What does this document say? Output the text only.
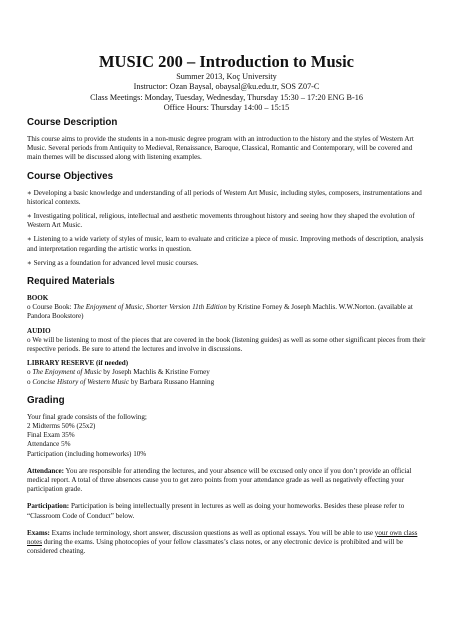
MUSIC 200 – Introduction to Music
Summer 2013, Koç University
Instructor: Ozan Baysal, obaysal@ku.edu.tr, SOS Z07-C
Class Meetings: Monday, Tuesday, Wednesday, Thursday 15:30 – 17:20 ENG B-16
Office Hours: Thursday 14:00 – 15:15
Course Description

This course aims to provide the students in a non-music degree program with an introduction to the history and the styles of Western Art Music. Several periods from Antiquity to Medieval, Renaissance, Baroque, Classical, Romantic and Contemporary, will be covered and main themes will be discussed along with listening examples.

Course Objectives

∗ Developing a basic knowledge and understanding of all periods of Western Art Music, including styles, composers, instrumentations and historical contexts.

∗ Investigating political, religious, intellectual and aesthetic movements throughout history and seeing how they shaped the evolution of Western Art Music.

∗ Listening to a wide variety of styles of music, learn to evaluate and criticize a piece of music. Improving methods of description, analysis and interpretation regarding the artistic works in question.

∗ Serving as a foundation for advanced level music courses.

Required Materials

BOOK

o Course Book: The Enjoyment of Music, Shorter Version 11th Edition by Kristine Forney & Joseph Machlis. W.W.Norton. (available at Pandora Bookstore)

AUDIO

o We will be listening to most of the pieces that are covered in the book (listening guides) as well as some other significant pieces from their respective periods. Be sure to attend the lectures and involve in discussions.

LIBRARY RESERVE (if needed)

o The Enjoyment of Music by Joseph Machlis & Kristine Forney

o Concise History of Western Music by Barbara Russano Hanning

Grading

Your final grade consists of the following;

2 Midterms 50% (25x2)

Final Exam 35%

Attendance 5%

Participation (including homeworks) 10%

Attendance: You are responsible for attending the lectures, and your absence will be excused only once if you don’t provide an official medical report. A total of three absences cause you to get zero points from your attendance grade as well as negatively effecting your participation grade.

Participation: Participation is being intellectually present in lectures as well as doing your homeworks. Besides these please refer to “Classroom Code of Conduct” below.

Exams: Exams include terminology, short answer, discussion questions as well as optional essays. You will be able to use your own class notes during the exams. Using photocopies of your fellow classmates’s class notes, or any electronic device is prohibited and will be considered cheating.
